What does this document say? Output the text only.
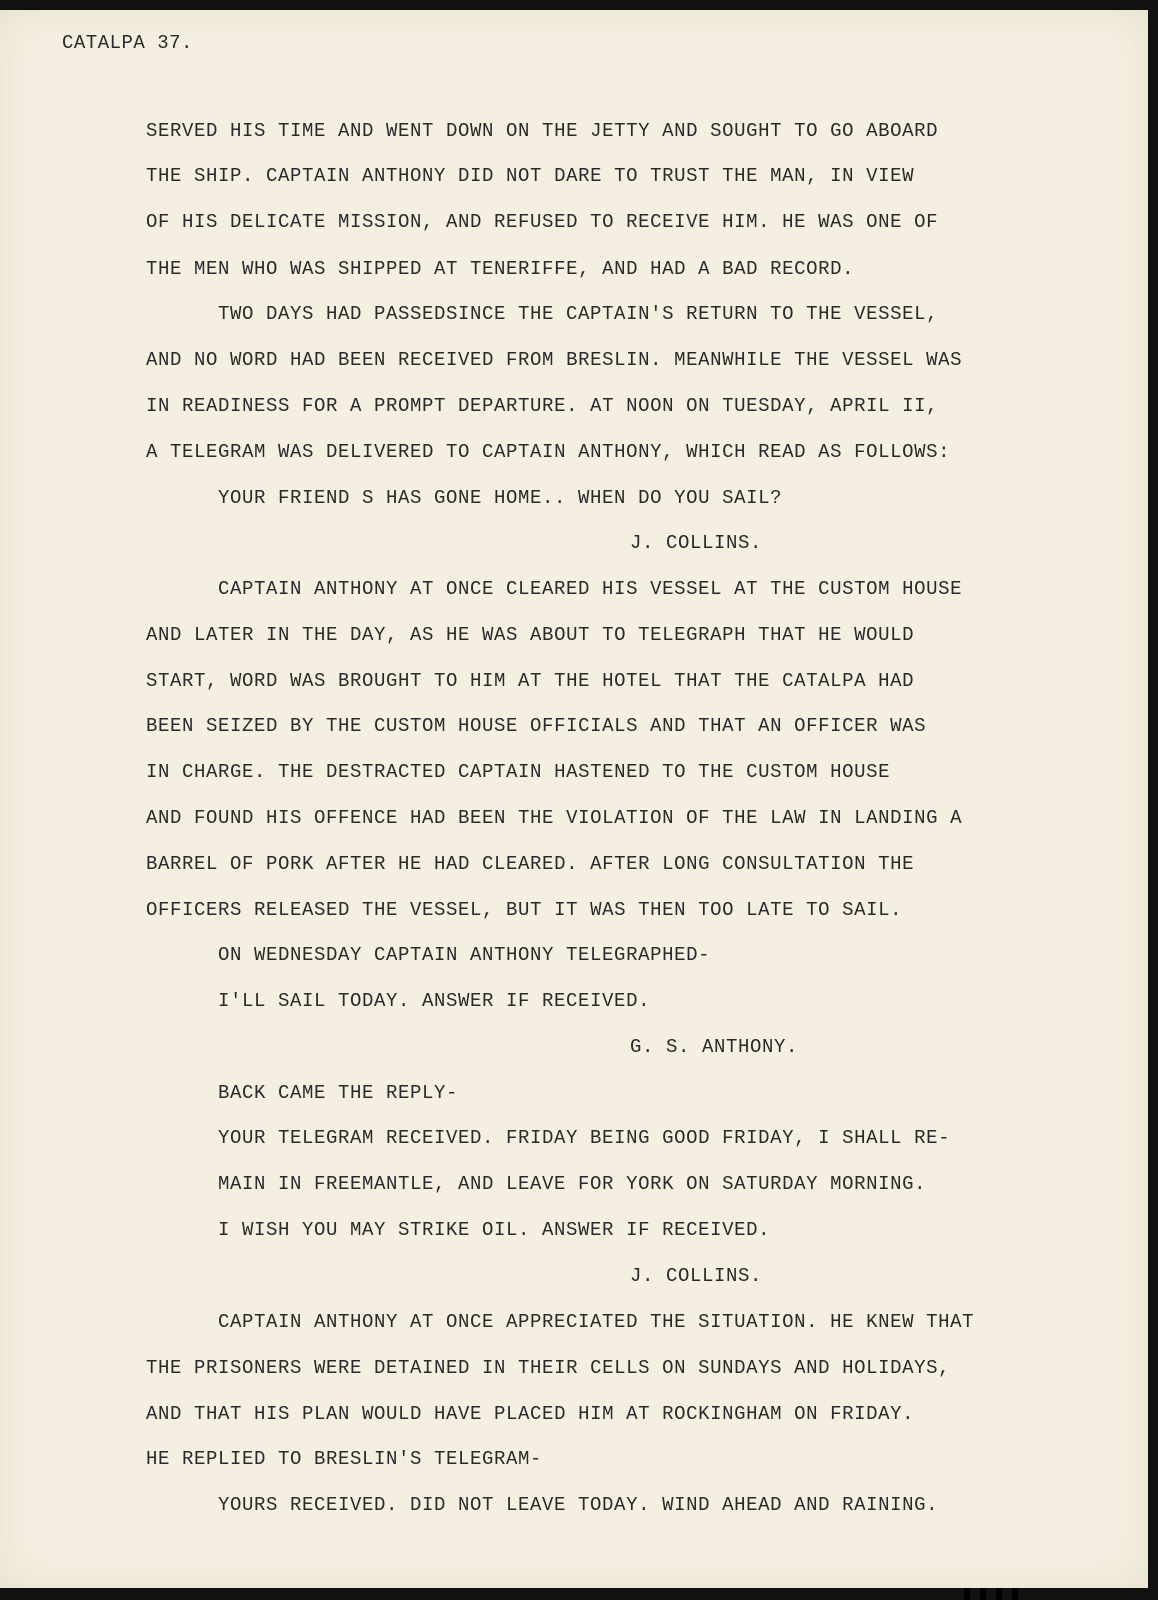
CATALPA 37.
SERVED HIS TIME AND WENT DOWN ON THE JETTY AND SOUGHT TO GO ABOARD
THE SHIP. CAPTAIN ANTHONY DID NOT DARE TO TRUST THE MAN, IN VIEW
OF HIS DELICATE MISSION, AND REFUSED TO RECEIVE HIM. HE WAS ONE OF
THE MEN WHO WAS SHIPPED AT TENERIFFE, AND HAD A BAD RECORD.
TWO DAYS HAD PASSEDSINCE THE CAPTAIN'S RETURN TO THE VESSEL,
AND NO WORD HAD BEEN RECEIVED FROM BRESLIN. MEANWHILE THE VESSEL WAS
IN READINESS FOR A PROMPT DEPARTURE. AT NOON ON TUESDAY, APRIL II,
A TELEGRAM WAS DELIVERED TO CAPTAIN ANTHONY, WHICH READ AS FOLLOWS:
YOUR FRIEND S HAS GONE HOME.. WHEN DO YOU SAIL?
J. COLLINS.
CAPTAIN ANTHONY AT ONCE CLEARED HIS VESSEL AT THE CUSTOM HOUSE
AND LATER IN THE DAY, AS HE WAS ABOUT TO TELEGRAPH THAT HE WOULD
START, WORD WAS BROUGHT TO HIM AT THE HOTEL THAT THE CATALPA HAD
BEEN SEIZED BY THE CUSTOM HOUSE OFFICIALS AND THAT AN OFFICER WAS
IN CHARGE. THE DESTRACTED CAPTAIN HASTENED TO THE CUSTOM HOUSE
AND FOUND HIS OFFENCE HAD BEEN THE VIOLATION OF THE LAW IN LANDING A
BARREL OF PORK AFTER HE HAD CLEARED. AFTER LONG CONSULTATION THE
OFFICERS RELEASED THE VESSEL, BUT IT WAS THEN TOO LATE TO SAIL.
ON WEDNESDAY CAPTAIN ANTHONY TELEGRAPHED-
I'LL SAIL TODAY. ANSWER IF RECEIVED.
G. S. ANTHONY.
BACK CAME THE REPLY-
YOUR TELEGRAM RECEIVED. FRIDAY BEING GOOD FRIDAY, I SHALL RE-
MAIN IN FREEMANTLE, AND LEAVE FOR YORK ON SATURDAY MORNING.
I WISH YOU MAY STRIKE OIL. ANSWER IF RECEIVED.
J. COLLINS.
CAPTAIN ANTHONY AT ONCE APPRECIATED THE SITUATION. HE KNEW THAT
THE PRISONERS WERE DETAINED IN THEIR CELLS ON SUNDAYS AND HOLIDAYS,
AND THAT HIS PLAN WOULD HAVE PLACED HIM AT ROCKINGHAM ON FRIDAY.
HE REPLIED TO BRESLIN'S TELEGRAM-
YOURS RECEIVED. DID NOT LEAVE TODAY. WIND AHEAD AND RAINING.
